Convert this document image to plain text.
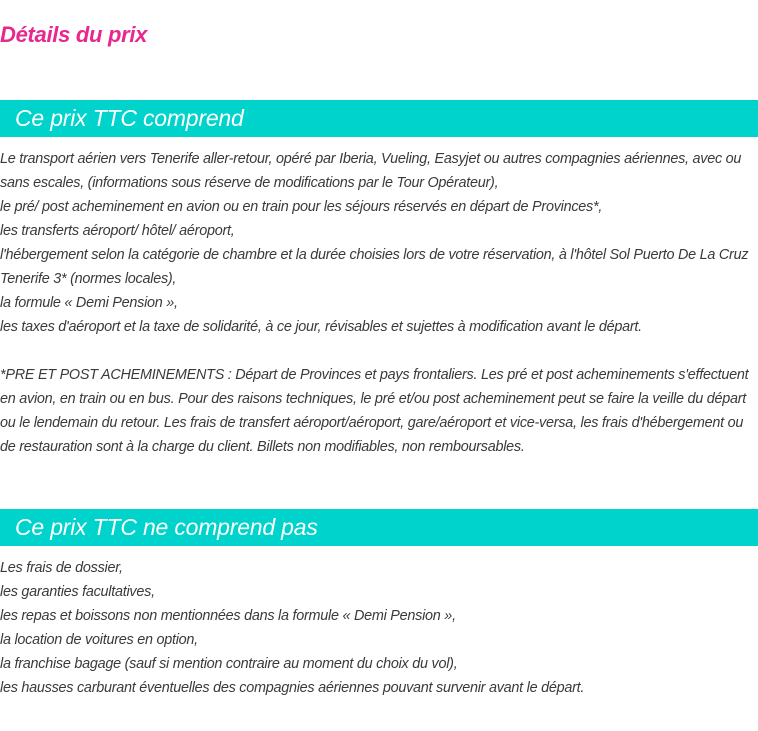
Détails du prix
Ce prix TTC comprend

Le transport aérien vers Tenerife aller-retour, opéré par Iberia, Vueling, Easyjet ou autres compagnies aériennes, avec ou sans escales, (informations sous réserve de modifications par le Tour Opérateur),

le pré/ post acheminement en avion ou en train pour les séjours réservés en départ de Provinces*,

les transferts aéroport/ hôtel/ aéroport,

l'hébergement selon la catégorie de chambre et la durée choisies lors de votre réservation, à l'hôtel Sol Puerto De La Cruz Tenerife 3* (normes locales),

la formule « Demi Pension »,

les taxes d'aéroport et la taxe de solidarité, à ce jour, révisables et sujettes à modification avant le départ.

*PRE ET POST ACHEMINEMENTS : Départ de Provinces et pays frontaliers. Les pré et post acheminements s'effectuent en avion, en train ou en bus. Pour des raisons techniques, le pré et/ou post acheminement peut se faire la veille du départ ou le lendemain du retour. Les frais de transfert aéroport/aéroport, gare/aéroport et vice-versa, les frais d'hébergement ou de restauration sont à la charge du client. Billets non modifiables, non remboursables.

Ce prix TTC ne comprend pas

Les frais de dossier,

les garanties facultatives,

les repas et boissons non mentionnées dans la formule « Demi Pension »,

la location de voitures en option,

la franchise bagage (sauf si mention contraire au moment du choix du vol),

les hausses carburant éventuelles des compagnies aériennes pouvant survenir avant le départ.
